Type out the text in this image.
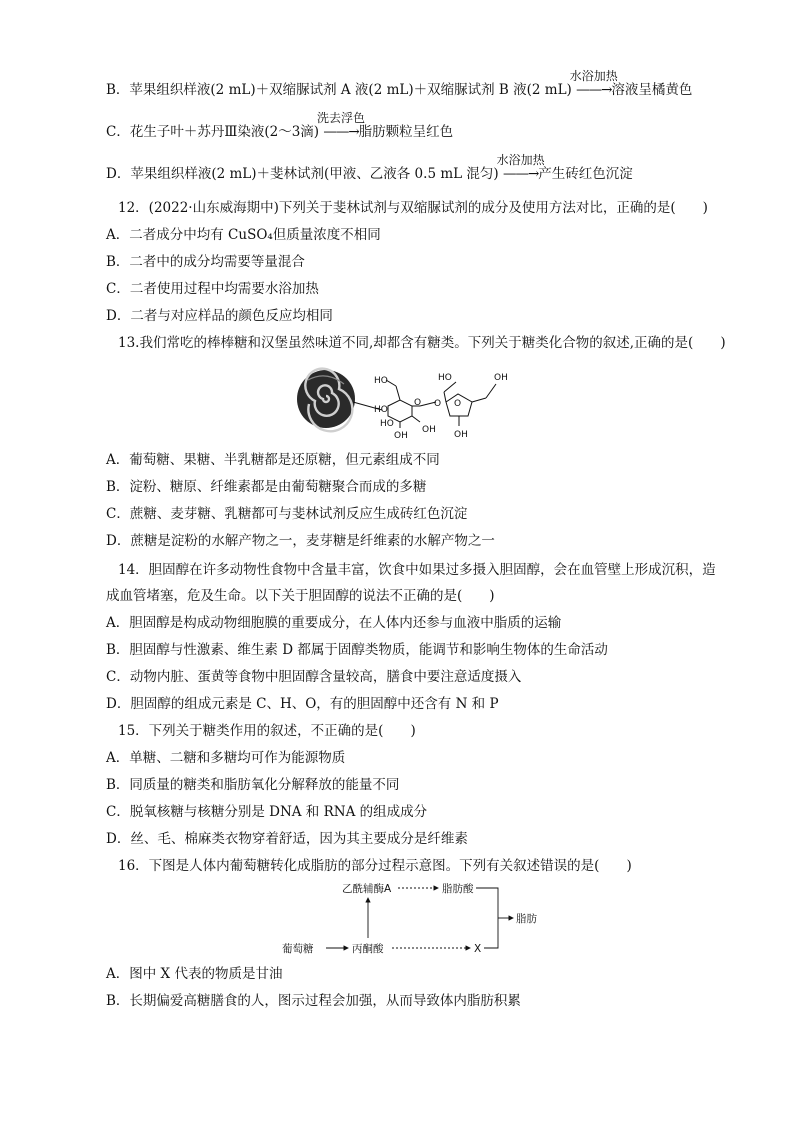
B．苹果组织样液(2 mL)＋双缩脲试剂 A 液(2 mL)＋双缩脲试剂 B 液(2 mL)
水浴加热
——→溶液呈橘黄色
C．花生子叶＋苏丹Ⅲ染液(2～3滴)
洗去浮色
——→脂肪颗粒呈红色
D．苹果组织样液(2 mL)＋斐林试剂(甲液、乙液各 0.5 mL 混匀)
水浴加热
——→产生砖红色沉淀
12．(2022·山东威海期中)下列关于斐林试剂与双缩脲试剂的成分及使用方法对比，正确的是(　　)
A．二者成分中均有 CuSO₄但质量浓度不相同
B．二者中的成分均需要等量混合
C．二者使用过程中均需要水浴加热
D．二者与对应样品的颜色反应均相同
13.我们常吃的棒棒糖和汉堡虽然味道不同,却都含有糖类。下列关于糖类化合物的叙述,正确的是(　　)
HO
HO
HO
OH
OH
O O
HO
O
OH
OH
A．葡萄糖、果糖、半乳糖都是还原糖，但元素组成不同
B．淀粉、糖原、纤维素都是由葡萄糖聚合而成的多糖
C．蔗糖、麦芽糖、乳糖都可与斐林试剂反应生成砖红色沉淀
D．蔗糖是淀粉的水解产物之一，麦芽糖是纤维素的水解产物之一
14．胆固醇在许多动物性食物中含量丰富，饮食中如果过多摄入胆固醇，会在血管壁上形成沉积，造
成血管堵塞，危及生命。以下关于胆固醇的说法不正确的是(　　)
A．胆固醇是构成动物细胞膜的重要成分，在人体内还参与血液中脂质的运输
B．胆固醇与性激素、维生素 D 都属于固醇类物质，能调节和影响生物体的生命活动
C．动物内脏、蛋黄等食物中胆固醇含量较高，膳食中要注意适度摄入
D．胆固醇的组成元素是 C、H、O，有的胆固醇中还含有 N 和 P
15．下列关于糖类作用的叙述，不正确的是(　　)
A．单糖、二糖和多糖均可作为能源物质
B．同质量的糖类和脂肪氧化分解释放的能量不同
C．脱氧核糖与核糖分别是 DNA 和 RNA 的组成成分
D．丝、毛、棉麻类衣物穿着舒适，因为其主要成分是纤维素
16．下图是人体内葡萄糖转化成脂肪的部分过程示意图。下列有关叙述错误的是(　　)
乙酰辅酶A	脂肪酸
脂肪
葡萄糖	丙酮酸	X
A．图中 X 代表的物质是甘油
B．长期偏爱高糖膳食的人，图示过程会加强，从而导致体内脂肪积累
